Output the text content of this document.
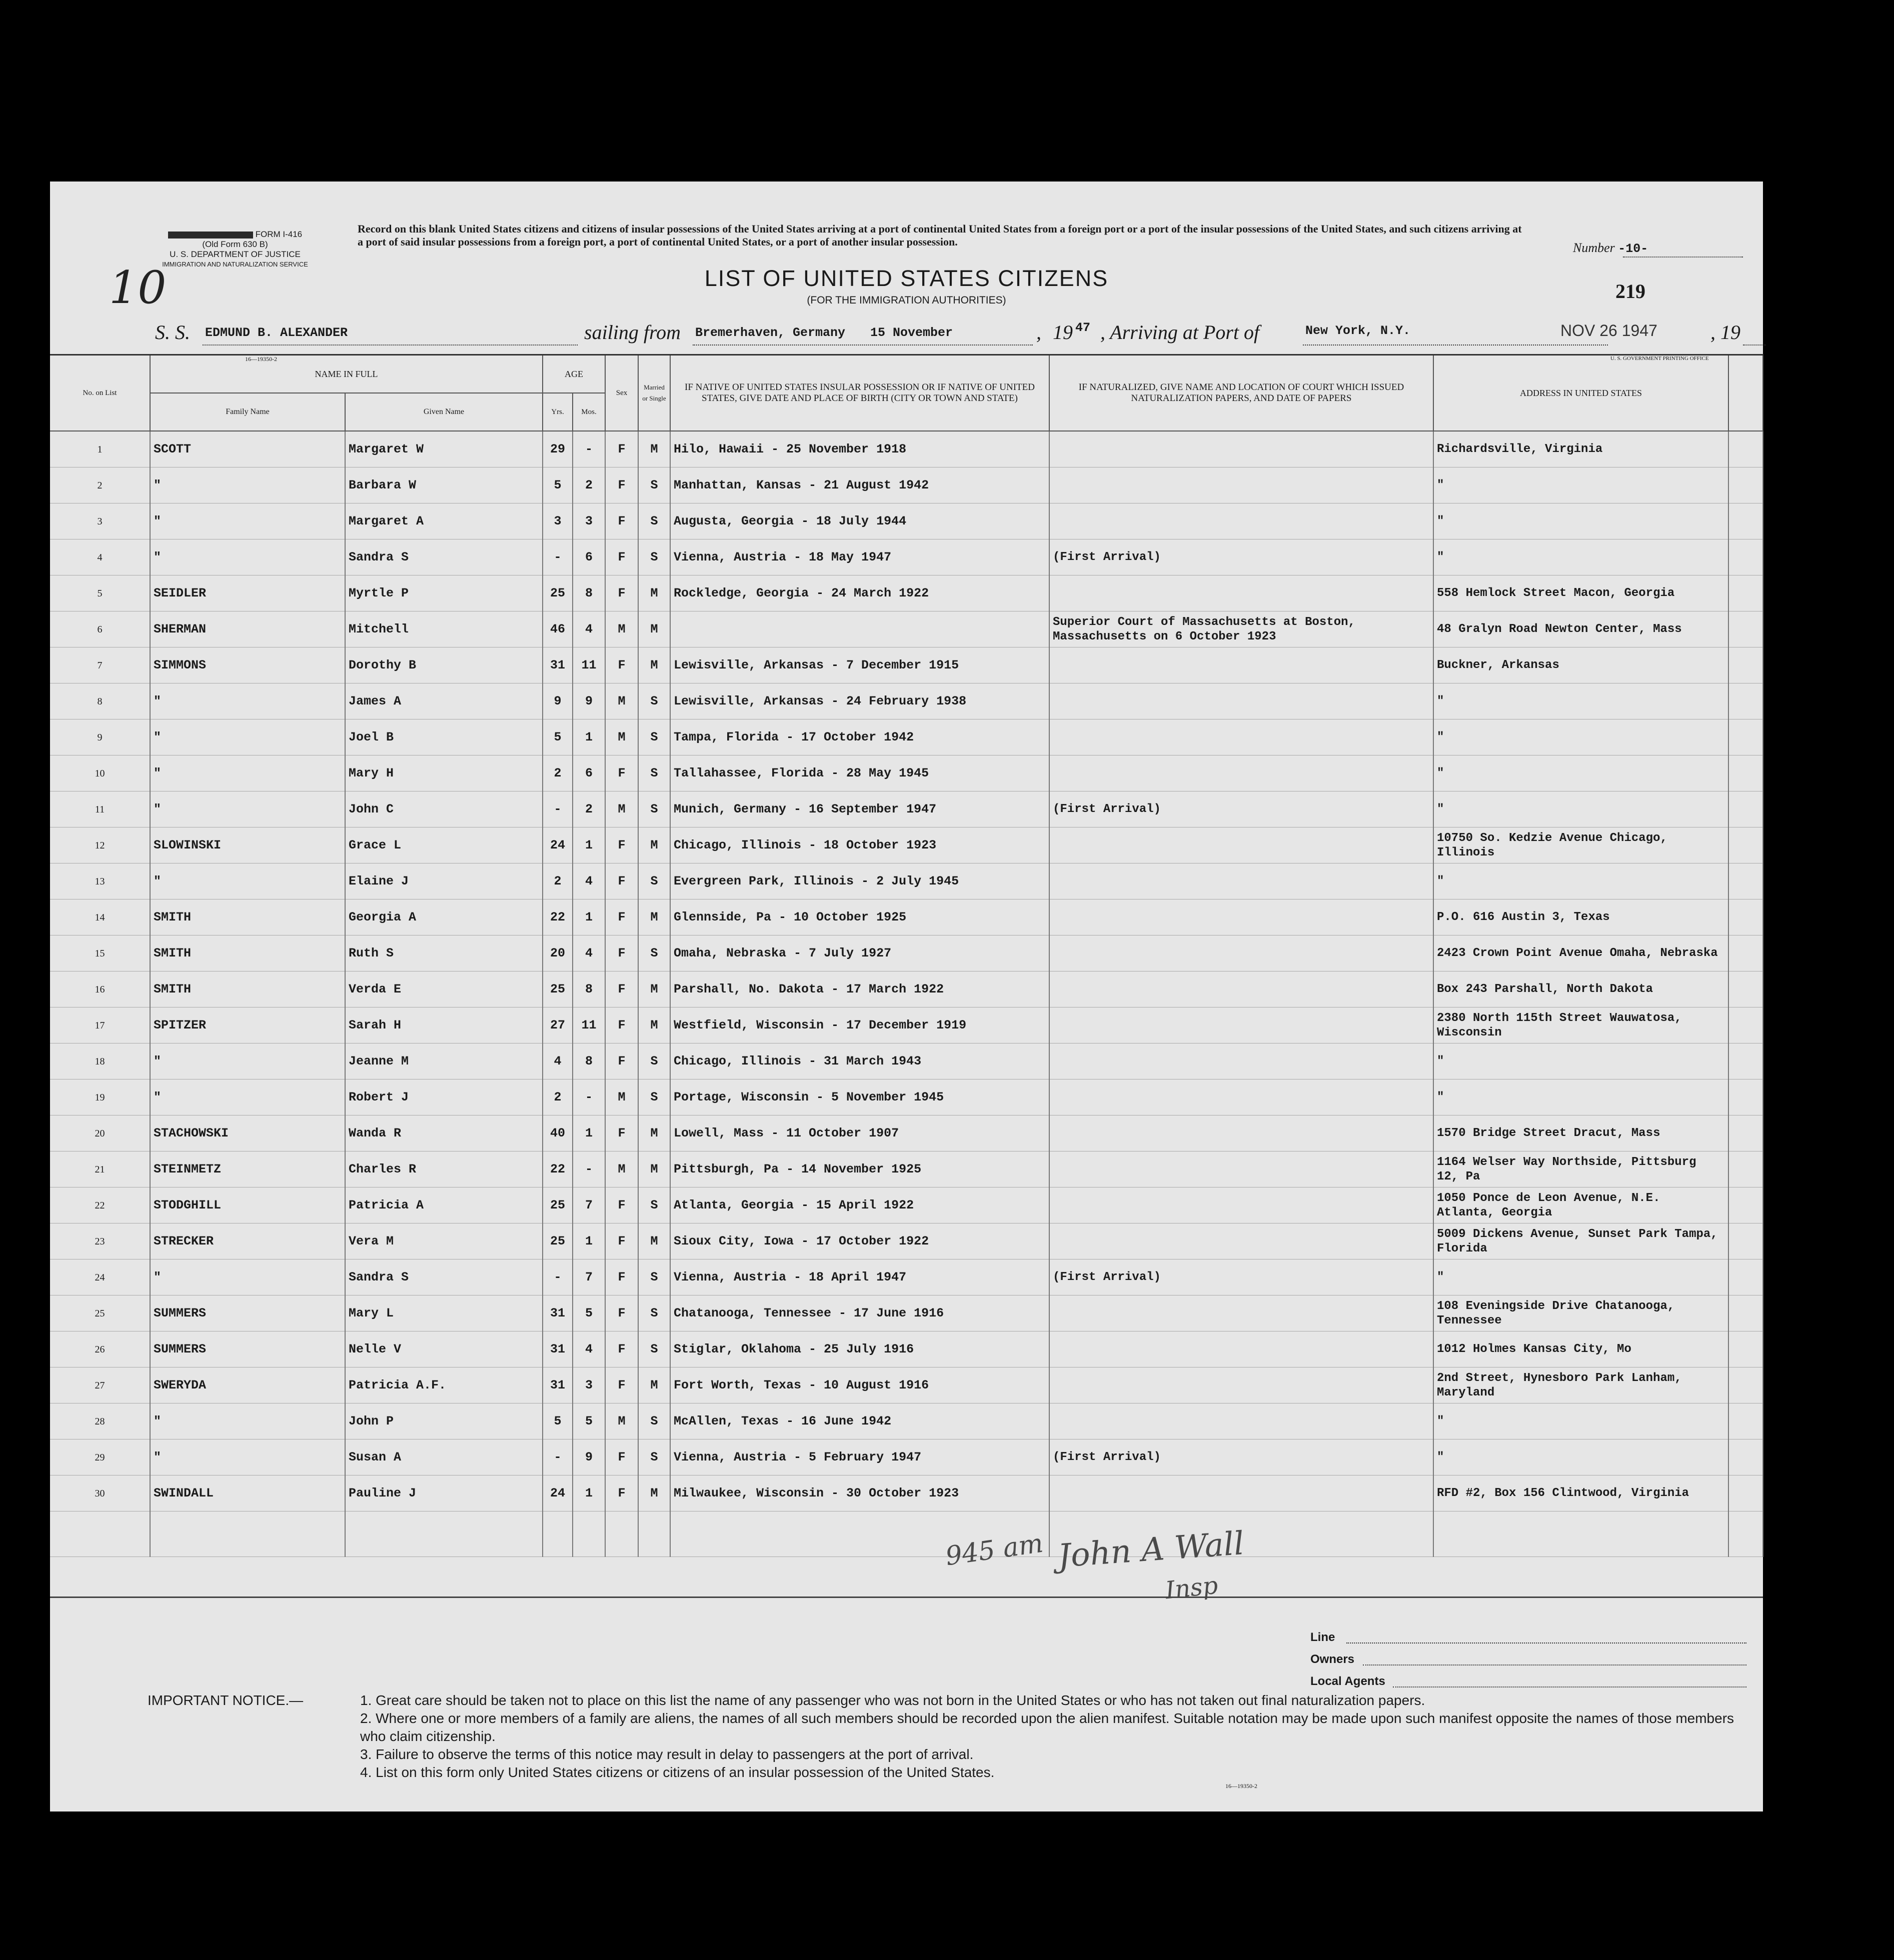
FORM I-416
(Old Form 630 B)
U. S. DEPARTMENT OF JUSTICE
IMMIGRATION AND NATURALIZATION SERVICE
Record on this blank United States citizens and citizens of insular possessions of the United States arriving at a port of continental United States from a foreign port or a port of the insular possessions of the United States, and such citizens arriving at a port of said insular possessions from a foreign port, a port of continental United States, or a port of another insular possession.	Number -10-
219
10	LIST OF UNITED STATES CITIZENS
(FOR THE IMMIGRATION AUTHORITIES)
S. S. EDMUND B. ALEXANDER	sailing from Bremerhaven, Germany 15 November	, 19 47 , Arriving at Port of	New York, N.Y.	NOV 26 1947	, 19
16—19350-2	U. S. GOVERNMENT PRINTING OFFICE
No. on List	NAME IN FULL		AGE		Sex	Married or Single	IF NATIVE OF UNITED STATES INSULAR POSSESSION OR IF NATIVE OF UNITED STATES, GIVE DATE AND PLACE OF BIRTH (CITY OR TOWN AND STATE)	IF NATURALIZED, GIVE NAME AND LOCATION OF COURT WHICH ISSUED NATURALIZATION PAPERS, AND DATE OF PAPERS	ADDRESS IN UNITED STATES	
	Family Name	Given Name	Yrs.	Mos.						
1	SCOTT	Margaret W	29	-	F	M	Hilo, Hawaii - 25 November 1918		Richardsville, Virginia	
2	"	Barbara W	5	2	F	S	Manhattan, Kansas - 21 August 1942		"	
3	"	Margaret A	3	3	F	S	Augusta, Georgia - 18 July 1944		"	
4	"	Sandra S	-	6	F	S	Vienna, Austria - 18 May 1947	(First Arrival)	"	
5	SEIDLER	Myrtle P	25	8	F	M	Rockledge, Georgia - 24 March 1922		558 Hemlock Street Macon, Georgia	
6	SHERMAN	Mitchell	46	4	M	M		Superior Court of Massachusetts at Boston, Massachusetts on 6 October 1923	48 Gralyn Road Newton Center, Mass	
7	SIMMONS	Dorothy B	31	11	F	M	Lewisville, Arkansas - 7 December 1915		Buckner, Arkansas	
8	"	James A	9	9	M	S	Lewisville, Arkansas - 24 February 1938		"	
9	"	Joel B	5	1	M	S	Tampa, Florida - 17 October 1942		"	
10	"	Mary H	2	6	F	S	Tallahassee, Florida - 28 May 1945		"	
11	"	John C	-	2	M	S	Munich, Germany - 16 September 1947	(First Arrival)	"	
12	SLOWINSKI	Grace L	24	1	F	M	Chicago, Illinois - 18 October 1923		10750 So. Kedzie Avenue Chicago, Illinois	
13	"	Elaine J	2	4	F	S	Evergreen Park, Illinois - 2 July 1945		"	
14	SMITH	Georgia A	22	1	F	M	Glennside, Pa - 10 October 1925		P.O. 616 Austin 3, Texas	
15	SMITH	Ruth S	20	4	F	S	Omaha, Nebraska - 7 July 1927		2423 Crown Point Avenue Omaha, Nebraska	
16	SMITH	Verda E	25	8	F	M	Parshall, No. Dakota - 17 March 1922		Box 243 Parshall, North Dakota	
17	SPITZER	Sarah H	27	11	F	M	Westfield, Wisconsin - 17 December 1919		2380 North 115th Street Wauwatosa, Wisconsin	
18	"	Jeanne M	4	8	F	S	Chicago, Illinois - 31 March 1943		"	
19	"	Robert J	2	-	M	S	Portage, Wisconsin - 5 November 1945		"	
20	STACHOWSKI	Wanda R	40	1	F	M	Lowell, Mass - 11 October 1907		1570 Bridge Street Dracut, Mass	
21	STEINMETZ	Charles R	22	-	M	M	Pittsburgh, Pa - 14 November 1925		1164 Welser Way Northside, Pittsburg 12, Pa	
22	STODGHILL	Patricia A	25	7	F	S	Atlanta, Georgia - 15 April 1922		1050 Ponce de Leon Avenue, N.E. Atlanta, Georgia	
23	STRECKER	Vera M	25	1	F	M	Sioux City, Iowa - 17 October 1922		5009 Dickens Avenue, Sunset Park Tampa, Florida	
24	"	Sandra S	-	7	F	S	Vienna, Austria - 18 April 1947	(First Arrival)	"	
25	SUMMERS	Mary L	31	5	F	S	Chatanooga, Tennessee - 17 June 1916		108 Eveningside Drive Chatanooga, Tennessee	
26	SUMMERS	Nelle V	31	4	F	S	Stiglar, Oklahoma - 25 July 1916		1012 Holmes Kansas City, Mo	
27	SWERYDA	Patricia A.F.	31	3	F	M	Fort Worth, Texas - 10 August 1916		2nd Street, Hynesboro Park Lanham, Maryland	
28	"	John P	5	5	M	S	McAllen, Texas - 16 June 1942		"	
29	"	Susan A	-	9	F	S	Vienna, Austria - 5 February 1947	(First Arrival)	"	
30	SWINDALL	Pauline J	24	1	F	M	Milwaukee, Wisconsin - 30 October 1923		RFD #2, Box 156 Clintwood, Virginia	

945 am John A Wall
Insp
Line
Owners
Local Agents
IMPORTANT NOTICE.—	1. Great care should be taken not to place on this list the name of any passenger who was not born in the United States or who has not taken out final naturalization papers.
2. Where one or more members of a family are aliens, the names of all such members should be recorded upon the alien manifest. Suitable notation may be made upon such manifest opposite the names of those members who claim citizenship.
3. Failure to observe the terms of this notice may result in delay to passengers at the port of arrival.
4. List on this form only United States citizens or citizens of an insular possession of the United States.
16—19350-2
